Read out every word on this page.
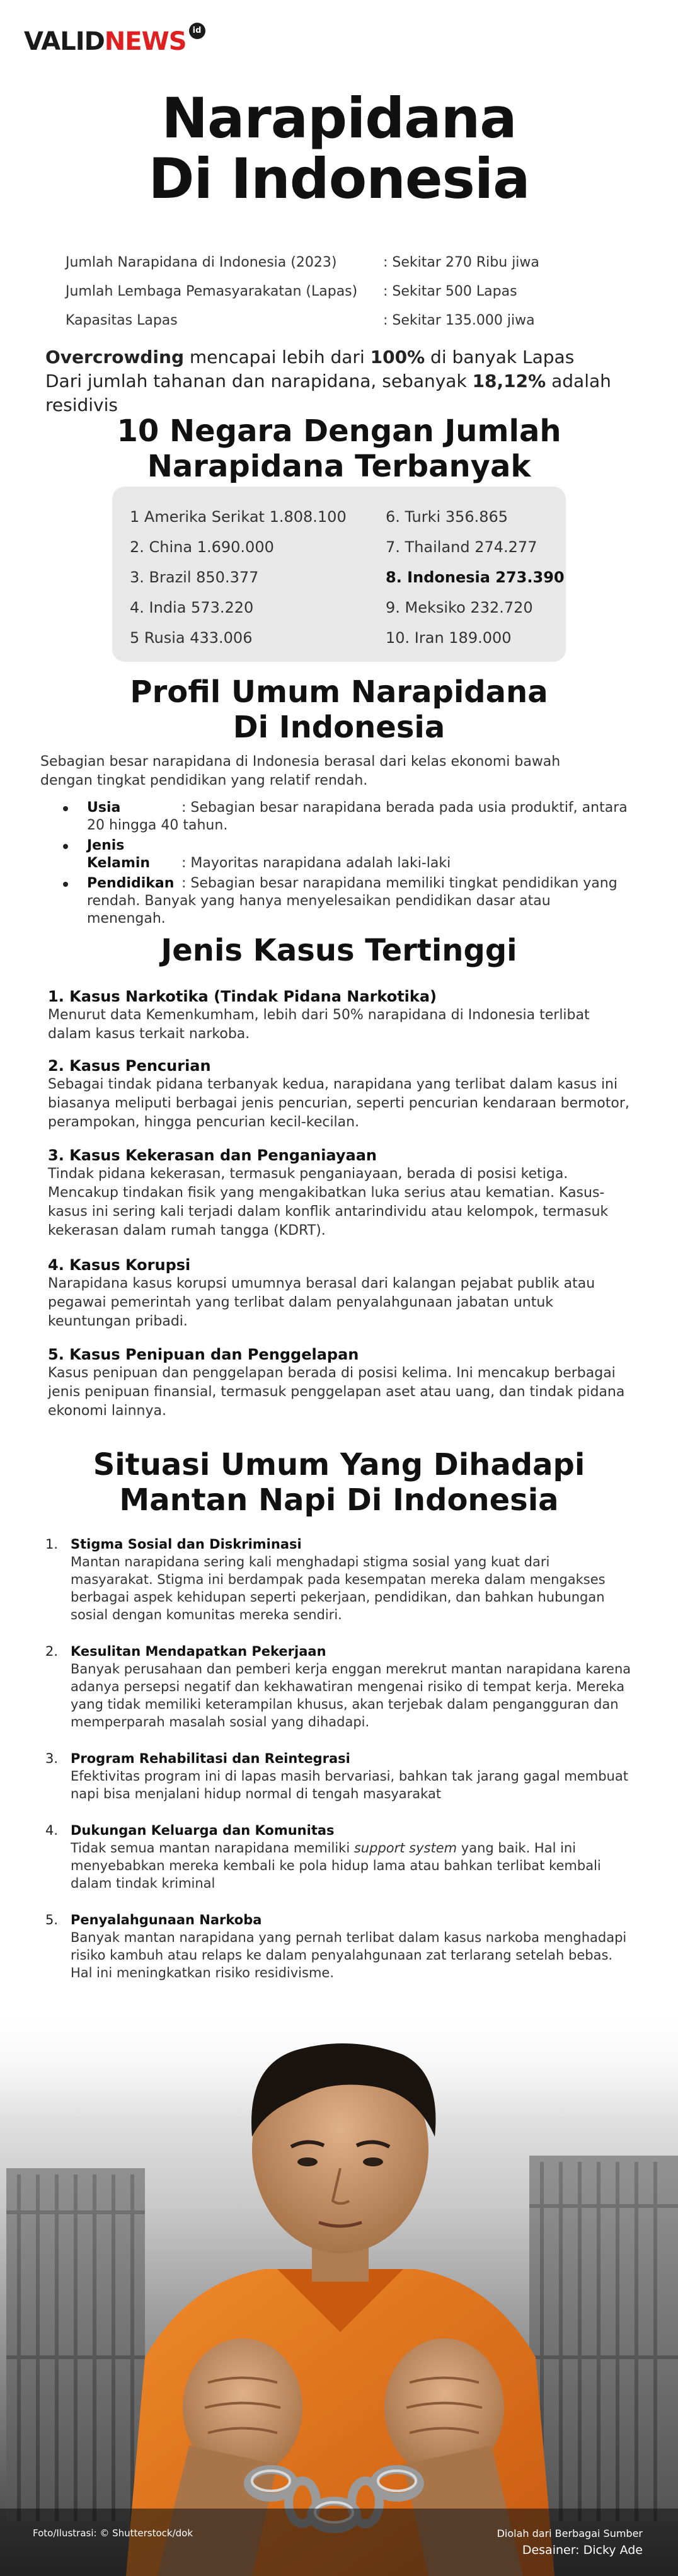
VALIDNEWS id
Narapidana
Di Indonesia
Jumlah Narapidana di Indonesia (2023)	: Sekitar 270 Ribu jiwa
Jumlah Lembaga Pemasyarakatan (Lapas)	: Sekitar 500 Lapas
Kapasitas Lapas	: Sekitar 135.000 jiwa
Overcrowding mencapai lebih dari 100% di banyak Lapas
Dari jumlah tahanan dan narapidana, sebanyak 18,12% adalah residivis
10 Negara Dengan Jumlah
Narapidana Terbanyak
1 Amerika Serikat 1.808.100
2. China 1.690.000
3. Brazil 850.377
4. India 573.220
5 Rusia 433.006
6. Turki 356.865
7. Thailand 274.277
8. Indonesia 273.390
9. Meksiko 232.720
10. Iran 189.000
Profil Umum Narapidana
Di Indonesia

Sebagian besar narapidana di Indonesia berasal dari kelas ekonomi bawah dengan tingkat pendidikan yang relatif rendah.

Usia	: Sebagian besar narapidana berada pada usia produktif, antara 20 hingga 40 tahun.
Jenis Kelamin : Mayoritas narapidana adalah laki-laki
Pendidikan : Sebagian besar narapidana memiliki tingkat pendidikan yang rendah. Banyak yang hanya menyelesaikan pendidikan dasar atau menengah.
Jenis Kasus Tertinggi
1. Kasus Narkotika (Tindak Pidana Narkotika)
Menurut data Kemenkumham, lebih dari 50% narapidana di Indonesia terlibat dalam kasus terkait narkoba.
2. Kasus Pencurian
Sebagai tindak pidana terbanyak kedua, narapidana yang terlibat dalam kasus ini biasanya meliputi berbagai jenis pencurian, seperti pencurian kendaraan bermotor, perampokan, hingga pencurian kecil-kecilan.
3. Kasus Kekerasan dan Penganiayaan
Tindak pidana kekerasan, termasuk penganiayaan, berada di posisi ketiga. Mencakup tindakan fisik yang mengakibatkan luka serius atau kematian. Kasus-kasus ini sering kali terjadi dalam konflik antarindividu atau kelompok, termasuk kekerasan dalam rumah tangga (KDRT).
4. Kasus Korupsi
Narapidana kasus korupsi umumnya berasal dari kalangan pejabat publik atau pegawai pemerintah yang terlibat dalam penyalahgunaan jabatan untuk keuntungan pribadi.
5. Kasus Penipuan dan Penggelapan
Kasus penipuan dan penggelapan berada di posisi kelima. Ini mencakup berbagai jenis penipuan finansial, termasuk penggelapan aset atau uang, dan tindak pidana ekonomi lainnya.
Situasi Umum Yang Dihadapi
Mantan Napi Di Indonesia
1. Stigma Sosial dan Diskriminasi
Mantan narapidana sering kali menghadapi stigma sosial yang kuat dari masyarakat. Stigma ini berdampak pada kesempatan mereka dalam mengakses berbagai aspek kehidupan seperti pekerjaan, pendidikan, dan bahkan hubungan sosial dengan komunitas mereka sendiri.
2. Kesulitan Mendapatkan Pekerjaan
Banyak perusahaan dan pemberi kerja enggan merekrut mantan narapidana karena adanya persepsi negatif dan kekhawatiran mengenai risiko di tempat kerja. Mereka yang tidak memiliki keterampilan khusus, akan terjebak dalam pengangguran dan memperparah masalah sosial yang dihadapi.
3. Program Rehabilitasi dan Reintegrasi
Efektivitas program ini di lapas masih bervariasi, bahkan tak jarang gagal membuat napi bisa menjalani hidup normal di tengah masyarakat
4. Dukungan Keluarga dan Komunitas
Tidak semua mantan narapidana memiliki support system yang baik. Hal ini menyebabkan mereka kembali ke pola hidup lama atau bahkan terlibat kembali dalam tindak kriminal
5. Penyalahgunaan Narkoba
Banyak mantan narapidana yang pernah terlibat dalam kasus narkoba menghadapi risiko kambuh atau relaps ke dalam penyalahgunaan zat terlarang setelah bebas. Hal ini meningkatkan risiko residivisme.
Foto/Ilustrasi: © Shutterstock/dok	Diolah dari Berbagai Sumber
Desainer: Dicky Ade
